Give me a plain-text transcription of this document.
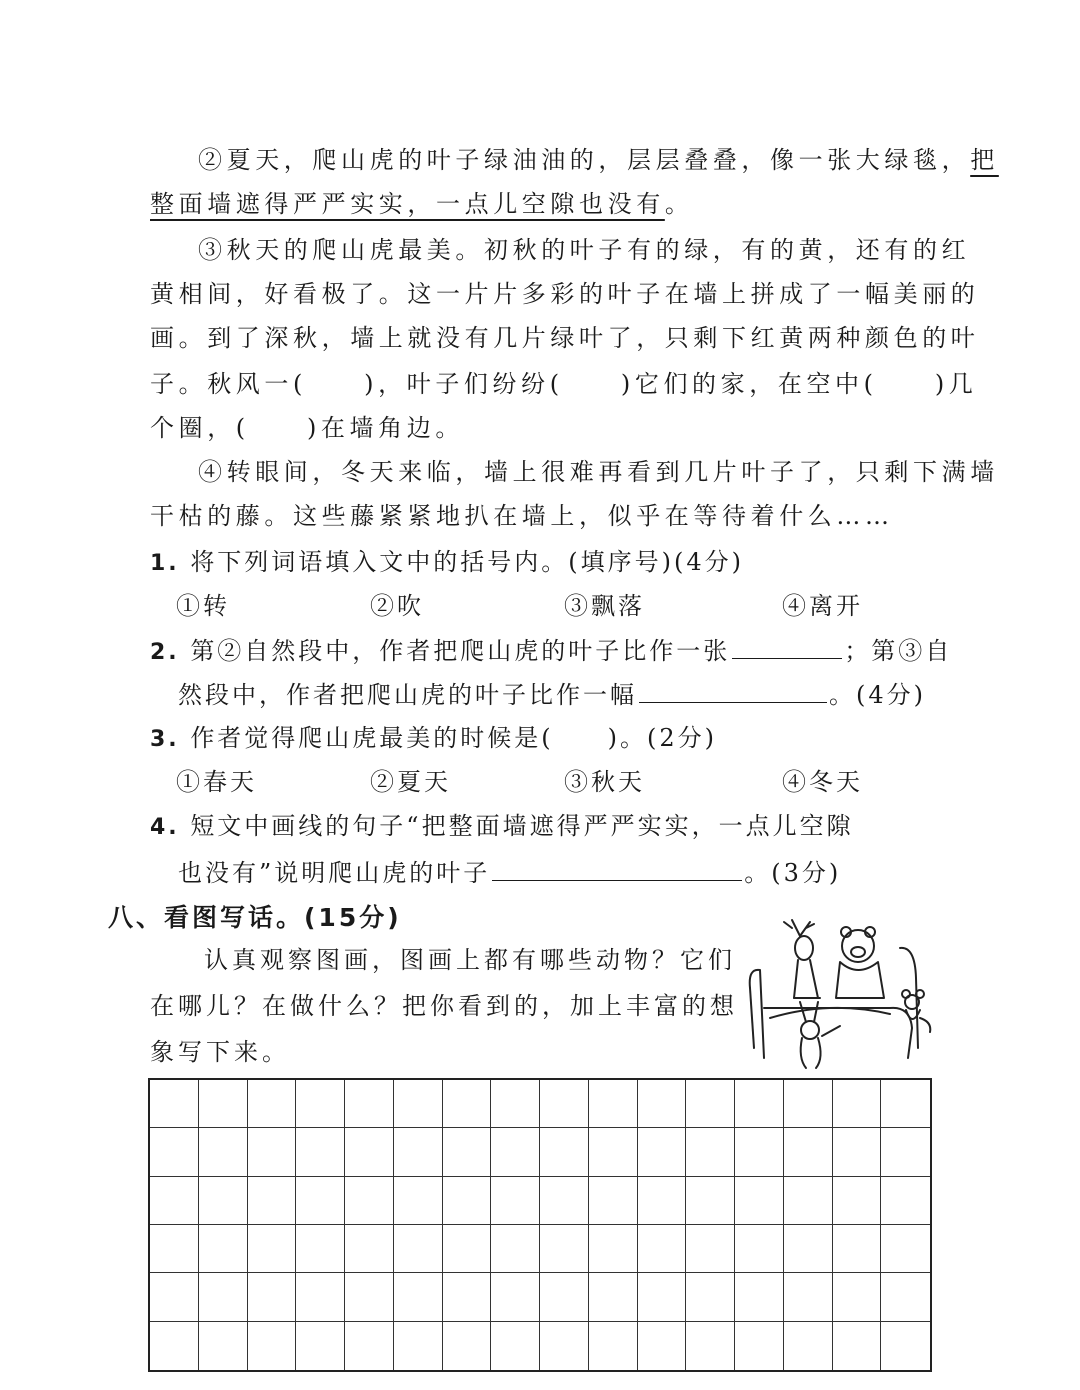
②夏天，爬山虎的叶子绿油油的，层层叠叠，像一张大绿毯，把
整面墙遮得严严实实，一点儿空隙也没有。
③秋天的爬山虎最美。初秋的叶子有的绿，有的黄，还有的红
黄相间，好看极了。这一片片多彩的叶子在墙上拼成了一幅美丽的
画。到了深秋，墙上就没有几片绿叶了，只剩下红黄两种颜色的叶
子。秋风一(　　)，叶子们纷纷(　　)它们的家，在空中(　　)几
个圈，(　　)在墙角边。
④转眼间，冬天来临，墙上很难再看到几片叶子了，只剩下满墙
干枯的藤。这些藤紧紧地扒在墙上，似乎在等待着什么……
1. 将下列词语填入文中的括号内。(填序号)(4分)
①转	②吹	③飘落	④离开
2. 第②自然段中，作者把爬山虎的叶子比作一张	；第③自
然段中，作者把爬山虎的叶子比作一幅	。(4分)
3. 作者觉得爬山虎最美的时候是(　　)。(2分)
①春天	②夏天	③秋天	④冬天
4. 短文中画线的句子“把整面墙遮得严严实实，一点儿空隙
也没有”说明爬山虎的叶子	。(3分)
八、看图写话。(15分)
认真观察图画，图画上都有哪些动物？它们
在哪儿？在做什么？把你看到的，加上丰富的想
象写下来。
